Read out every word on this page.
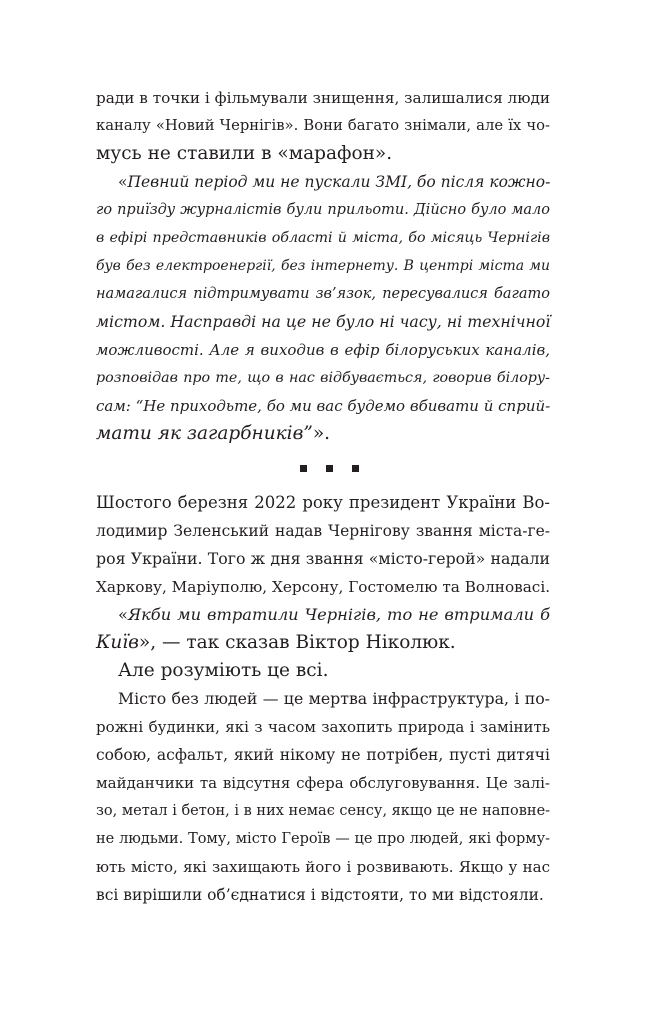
ради в точки і фільмували знищення, залишалися люди

каналу «Новий Чернігів». Вони багато знімали, але їх чо-

мусь не ставили в «марафон».

«Певний період ми не пускали ЗМІ, бо після кожно-

го приїзду журналістів були прильоти. Дійсно було мало

в ефірі представників області й міста, бо місяць Чернігів

був без електроенергії, без інтернету. В центрі міста ми

намагалися підтримувати зв’язок, пересувалися багато

містом. Насправді на це не було ні часу, ні технічної

можливості. Але я виходив в ефір білоруських каналів,

розповідав про те, що в нас відбувається, говорив білору-

сам: “Не приходьте, бо ми вас будемо вбивати й сприй-

мати як загарбників”».

Шостого березня 2022 року президент України Во-

лодимир Зеленський надав Чернігову звання міста-ге-

роя України. Того ж дня звання «місто-герой» надали

Харкову, Маріуполю, Херсону, Гостомелю та Волновасі.

«Якби ми втратили Чернігів, то не втримали б

Київ», — так сказав Віктор Ніколюк.

Але розуміють це всі.

Місто без людей — це мертва інфраструктура, і по-

рожні будинки, які з часом захопить природа і замінить

собою, асфальт, який нікому не потрібен, пусті дитячі

майданчики та відсутня сфера обслуговування. Це залі-

зо, метал і бетон, і в них немає сенсу, якщо це не наповне-

не людьми. Тому, місто Героїв — це про людей, які форму-

ють місто, які захищають його і розвивають. Якщо у нас

всі вирішили об’єднатися і відстояти, то ми відстояли.
